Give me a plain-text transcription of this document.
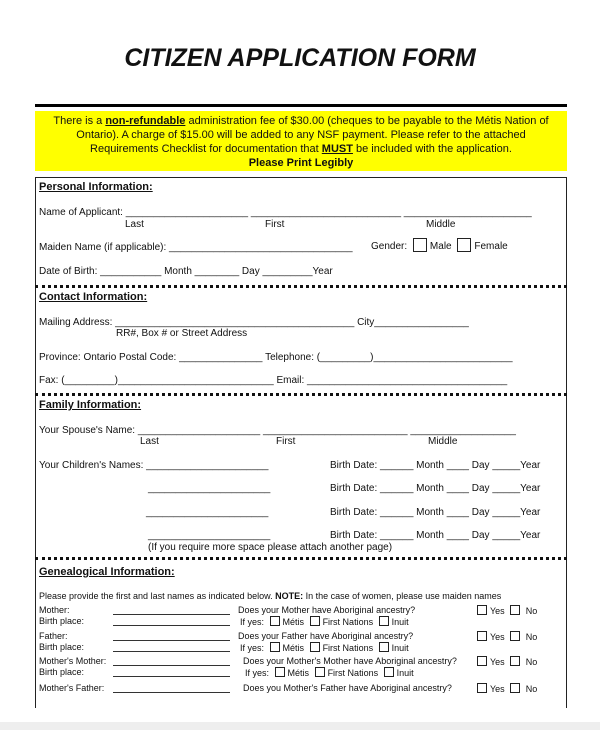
CITIZEN APPLICATION FORM
There is a non-refundable administration fee of $30.00 (cheques to be payable to the Métis Nation of
Ontario). A charge of $15.00 will be added to any NSF payment. Please refer to the attached
Requirements Checklist for documentation that MUST be included with the application.
Please Print Legibly
Personal Information:
Name of Applicant: ______________________ ___________________________ _______________________
Last	First	Middle
Maiden Name (if applicable): _________________________________ Gender: Male Female
Date of Birth: ___________ Month ________ Day _________Year
Contact Information:
Mailing Address: ___________________________________________ City_________________
RR#, Box # or Street Address
Province: Ontario Postal Code: _______________ Telephone: (_________)_________________________
Fax: (_________)____________________________ Email: ____________________________________
Family Information:
Your Spouse's Name: ______________________ __________________________ ___________________
Last	First	Middle
Your Children's Names: ______________________	Birth Date: ______ Month ____ Day _____Year
______________________	Birth Date: ______ Month ____ Day _____Year
______________________	Birth Date: ______ Month ____ Day _____Year
______________________	Birth Date: ______ Month ____ Day _____Year
(If you require more space please attach another page)
Genealogical Information:
Please provide the first and last names as indicated below. NOTE: In the case of women, please use maiden names
Mother:	Does your Mother have Aboriginal ancestry?	Yes No
Birth place:	If yes: Métis First Nations Inuit
Father:	Does your Father have Aboriginal ancestry?	Yes No
Birth place:	If yes: Métis First Nations Inuit
Mother's Mother:	Does your Mother's Mother have Aboriginal ancestry?	Yes No
Birth place:	If yes: Métis First Nations Inuit
Mother's Father:	Does you Mother's Father have Aboriginal ancestry?	Yes No
